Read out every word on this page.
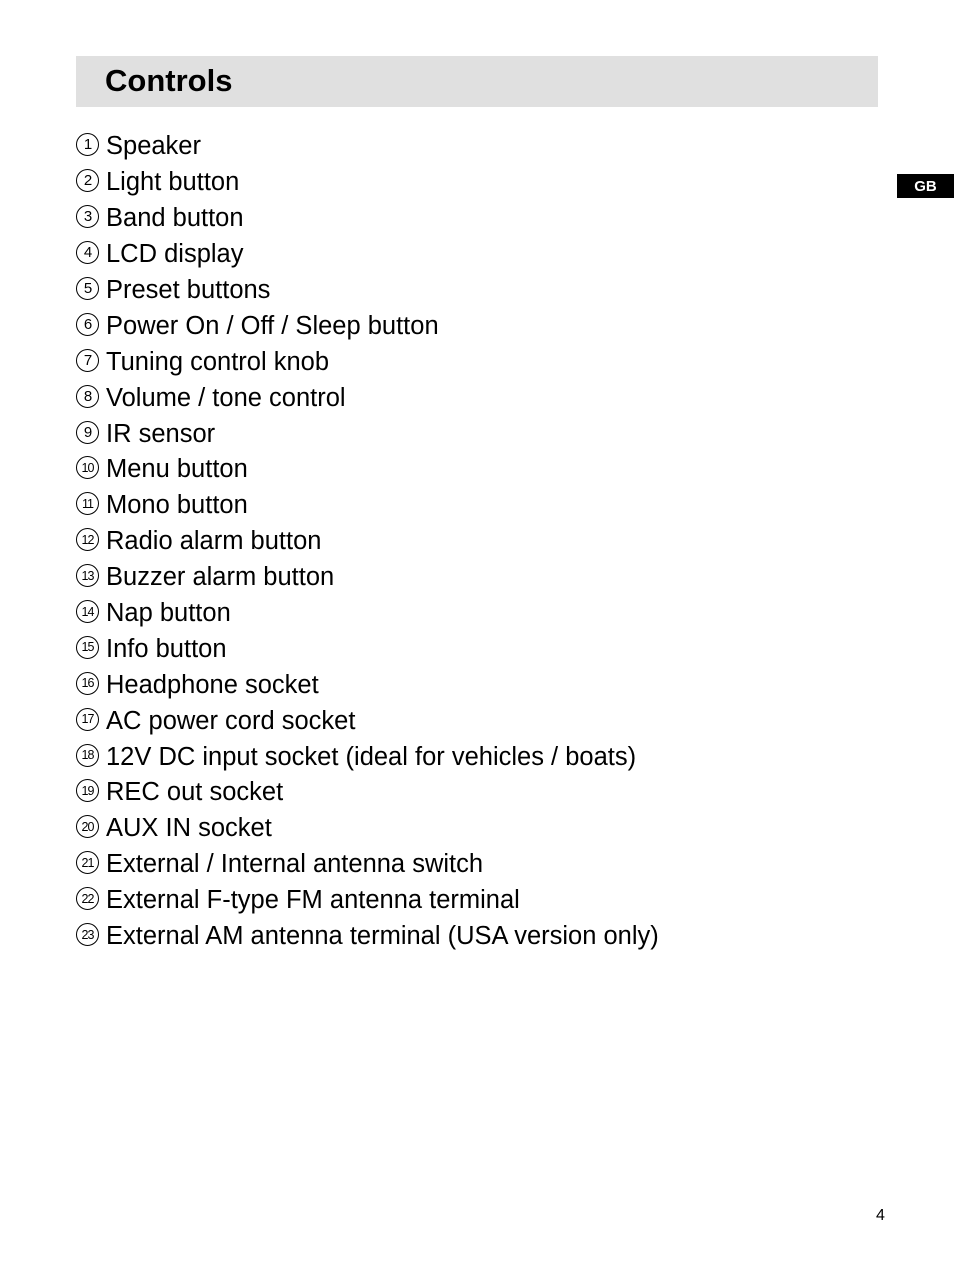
Controls
GB
1 Speaker
2 Light button
3 Band button
4 LCD display
5 Preset buttons
6 Power On / Off / Sleep button
7 Tuning control knob
8 Volume / tone control
9 IR sensor
10 Menu button
11 Mono button
12 Radio alarm button
13 Buzzer alarm button
14 Nap button
15 Info button
16 Headphone socket
17 AC power cord socket
18 12V DC input socket (ideal for vehicles / boats)
19 REC out socket
20 AUX IN socket
21 External / Internal antenna switch
22 External F-type FM antenna terminal
23 External AM antenna terminal (USA version only)
4
